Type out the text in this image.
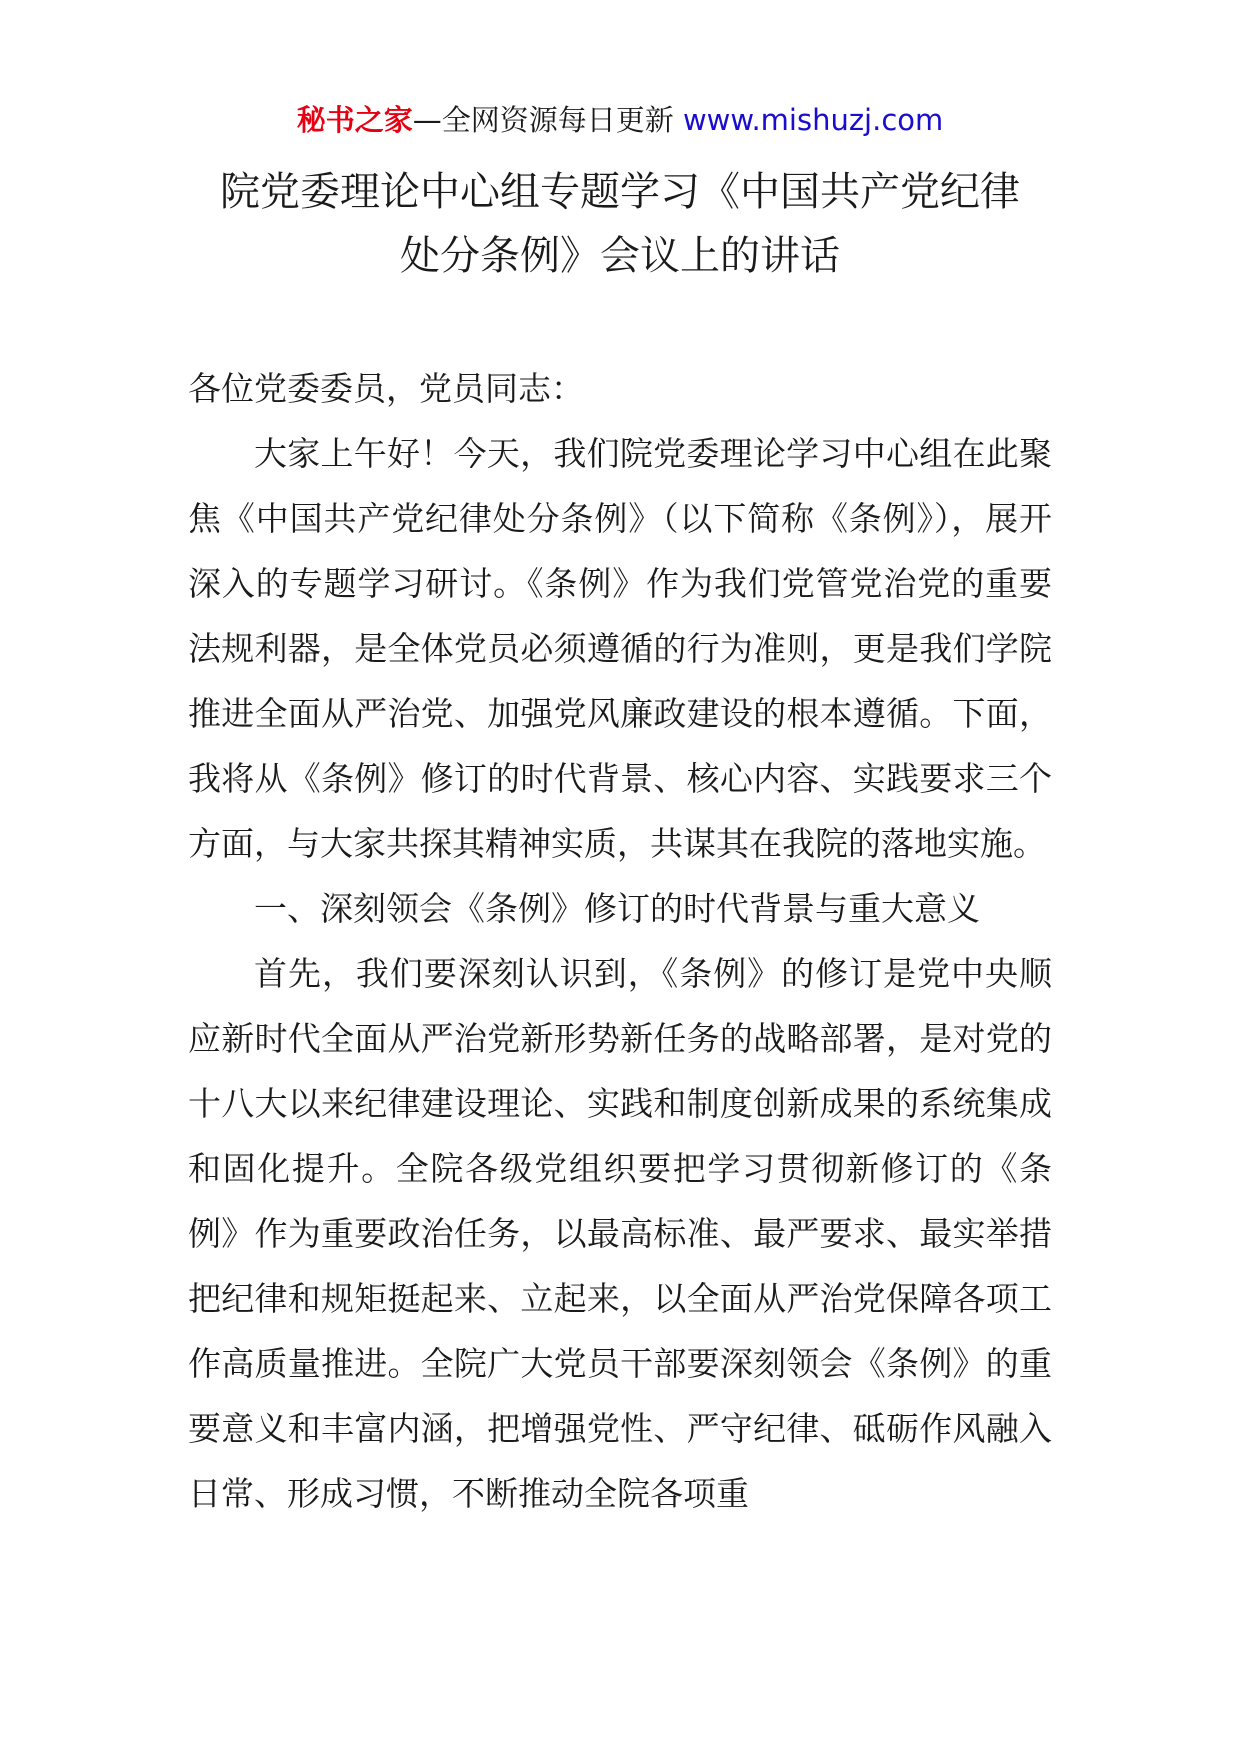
秘书之家—全网资源每日更新 www.mishuzj.com
院党委理论中心组专题学习《中国共产党纪律
处分条例》会议上的讲话

各位党委委员，党员同志：

大家上午好！今天，我们院党委理论学习中心组在此聚焦《中国共产党纪律处分条例》（以下简称《条例》），展开深入的专题学习研讨。《条例》作为我们党管党治党的重要法规利器，是全体党员必须遵循的行为准则，更是我们学院推进全面从严治党、加强党风廉政建设的根本遵循。下面，我将从《条例》修订的时代背景、核心内容、实践要求三个方面，与大家共探其精神实质，共谋其在我院的落地实施。

一、深刻领会《条例》修订的时代背景与重大意义

首先，我们要深刻认识到，《条例》的修订是党中央顺应新时代全面从严治党新形势新任务的战略部署，是对党的十八大以来纪律建设理论、实践和制度创新成果的系统集成和固化提升。全院各级党组织要把学习贯彻新修订的《条例》作为重要政治任务，以最高标准、最严要求、最实举措把纪律和规矩挺起来、立起来，以全面从严治党保障各项工作高质量推进。全院广大党员干部要深刻领会《条例》的重要意义和丰富内涵，把增强党性、严守纪律、砥砺作风融入日常、形成习惯，不断推动全院各项重
